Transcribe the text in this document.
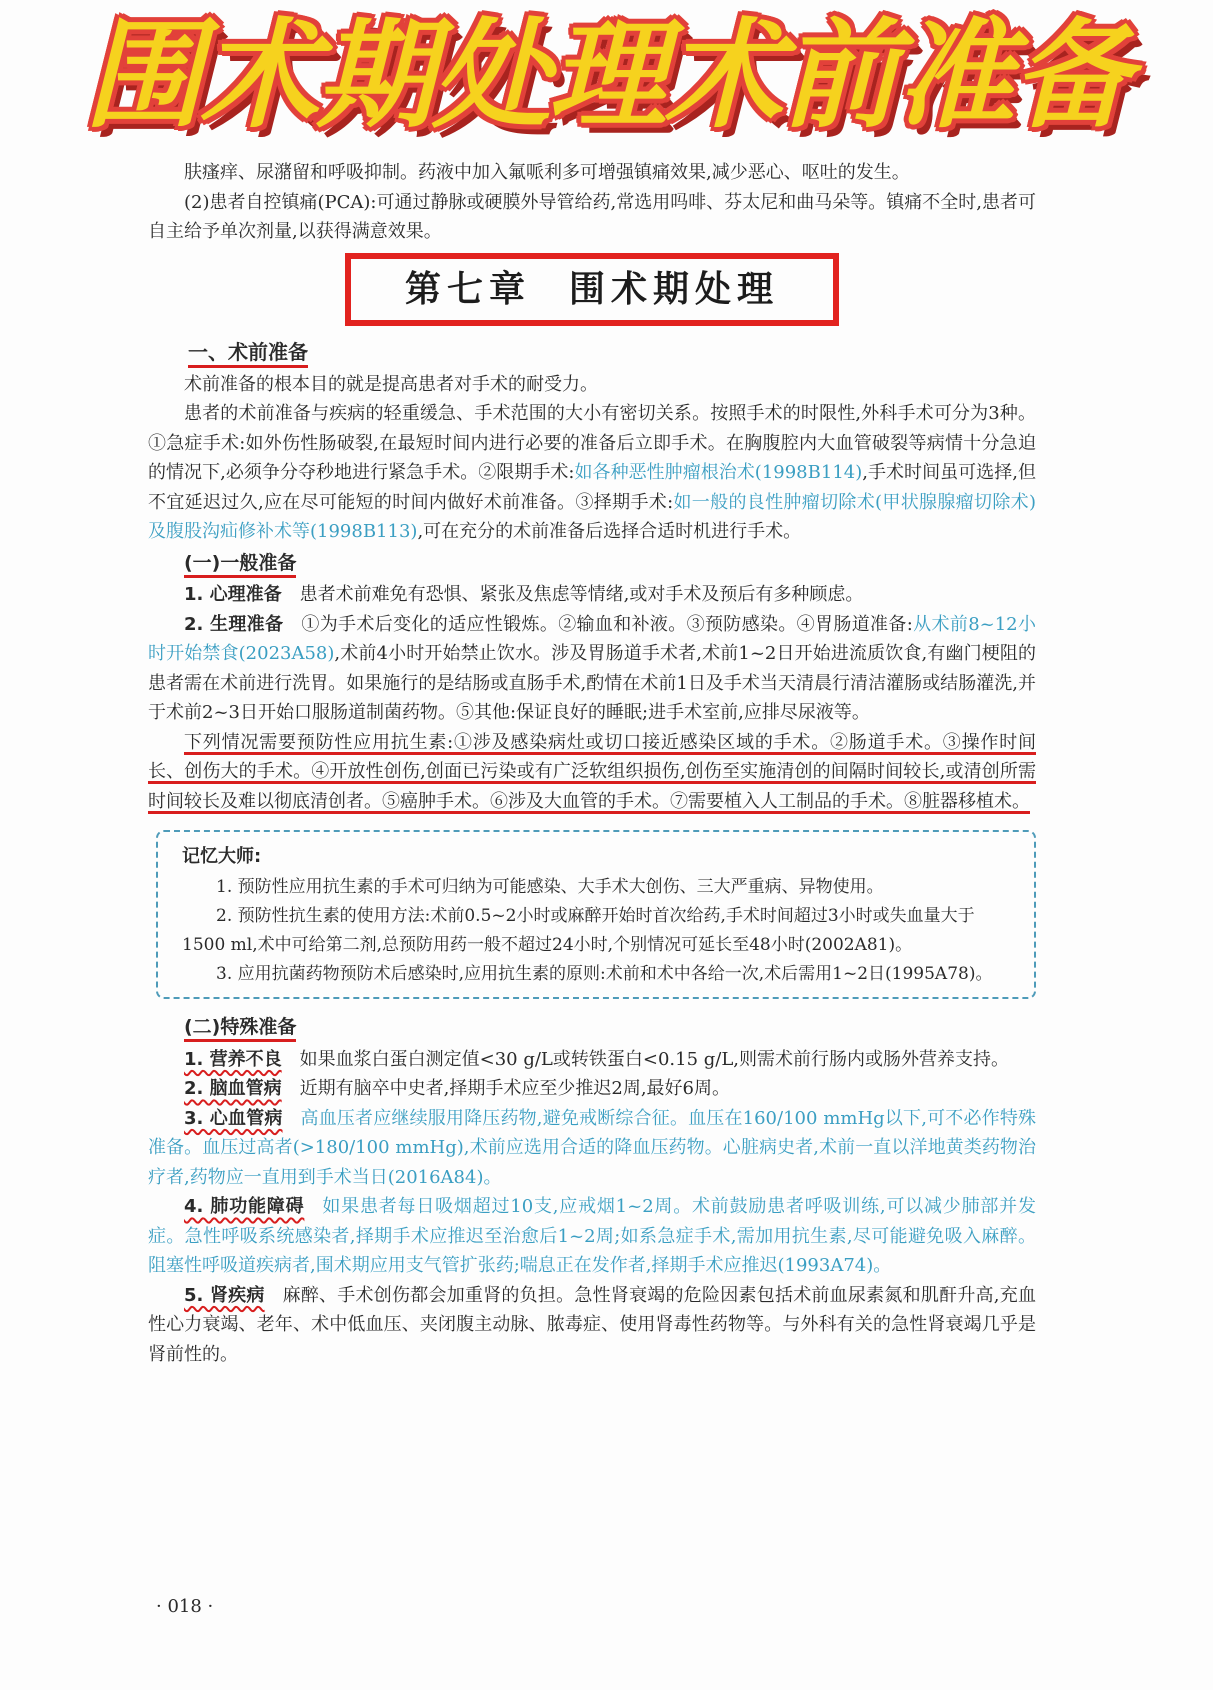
围术期处理术前准备

肤瘙痒、尿潴留和呼吸抑制。药液中加入氟哌利多可增强镇痛效果,减少恶心、呕吐的发生。

(2)患者自控镇痛(PCA):可通过静脉或硬膜外导管给药,常选用吗啡、芬太尼和曲马朵等。镇痛不全时,患者可自主给予单次剂量,以获得满意效果。

第七章 围术期处理
一、术前准备

术前准备的根本目的就是提高患者对手术的耐受力。

患者的术前准备与疾病的轻重缓急、手术范围的大小有密切关系。按照手术的时限性,外科手术可分为3种。①急症手术:如外伤性肠破裂,在最短时间内进行必要的准备后立即手术。在胸腹腔内大血管破裂等病情十分急迫的情况下,必须争分夺秒地进行紧急手术。②限期手术:如各种恶性肿瘤根治术(1998B114),手术时间虽可选择,但不宜延迟过久,应在尽可能短的时间内做好术前准备。③择期手术:如一般的良性肿瘤切除术(甲状腺腺瘤切除术)及腹股沟疝修补术等(1998B113),可在充分的术前准备后选择合适时机进行手术。

(一)一般准备

1. 心理准备 患者术前难免有恐惧、紧张及焦虑等情绪,或对手术及预后有多种顾虑。

2. 生理准备 ①为手术后变化的适应性锻炼。②输血和补液。③预防感染。④胃肠道准备:从术前8~12小时开始禁食(2023A58),术前4小时开始禁止饮水。涉及胃肠道手术者,术前1~2日开始进流质饮食,有幽门梗阻的患者需在术前进行洗胃。如果施行的是结肠或直肠手术,酌情在术前1日及手术当天清晨行清洁灌肠或结肠灌洗,并于术前2~3日开始口服肠道制菌药物。⑤其他:保证良好的睡眠;进手术室前,应排尽尿液等。

下列情况需要预防性应用抗生素:①涉及感染病灶或切口接近感染区域的手术。②肠道手术。③操作时间长、创伤大的手术。④开放性创伤,创面已污染或有广泛软组织损伤,创伤至实施清创的间隔时间较长,或清创所需时间较长及难以彻底清创者。⑤癌肿手术。⑥涉及大血管的手术。⑦需要植入人工制品的手术。⑧脏器移植术。

记忆大师:

1. 预防性应用抗生素的手术可归纳为可能感染、大手术大创伤、三大严重病、异物使用。

2. 预防性抗生素的使用方法:术前0.5~2小时或麻醉开始时首次给药,手术时间超过3小时或失血量大于1500 ml,术中可给第二剂,总预防用药一般不超过24小时,个别情况可延长至48小时(2002A81)。

3. 应用抗菌药物预防术后感染时,应用抗生素的原则:术前和术中各给一次,术后需用1~2日(1995A78)。

(二)特殊准备

1. 营养不良 如果血浆白蛋白测定值<30 g/L或转铁蛋白<0.15 g/L,则需术前行肠内或肠外营养支持。

2. 脑血管病 近期有脑卒中史者,择期手术应至少推迟2周,最好6周。

3. 心血管病 高血压者应继续服用降压药物,避免戒断综合征。血压在160/100 mmHg以下,可不必作特殊准备。血压过高者(>180/100 mmHg),术前应选用合适的降血压药物。心脏病史者,术前一直以洋地黄类药物治疗者,药物应一直用到手术当日(2016A84)。

4. 肺功能障碍 如果患者每日吸烟超过10支,应戒烟1~2周。术前鼓励患者呼吸训练,可以减少肺部并发症。急性呼吸系统感染者,择期手术应推迟至治愈后1~2周;如系急症手术,需加用抗生素,尽可能避免吸入麻醉。阻塞性呼吸道疾病者,围术期应用支气管扩张药;喘息正在发作者,择期手术应推迟(1993A74)。

5. 肾疾病 麻醉、手术创伤都会加重肾的负担。急性肾衰竭的危险因素包括术前血尿素氮和肌酐升高,充血性心力衰竭、老年、术中低血压、夹闭腹主动脉、脓毒症、使用肾毒性药物等。与外科有关的急性肾衰竭几乎是肾前性的。

· 018 ·
